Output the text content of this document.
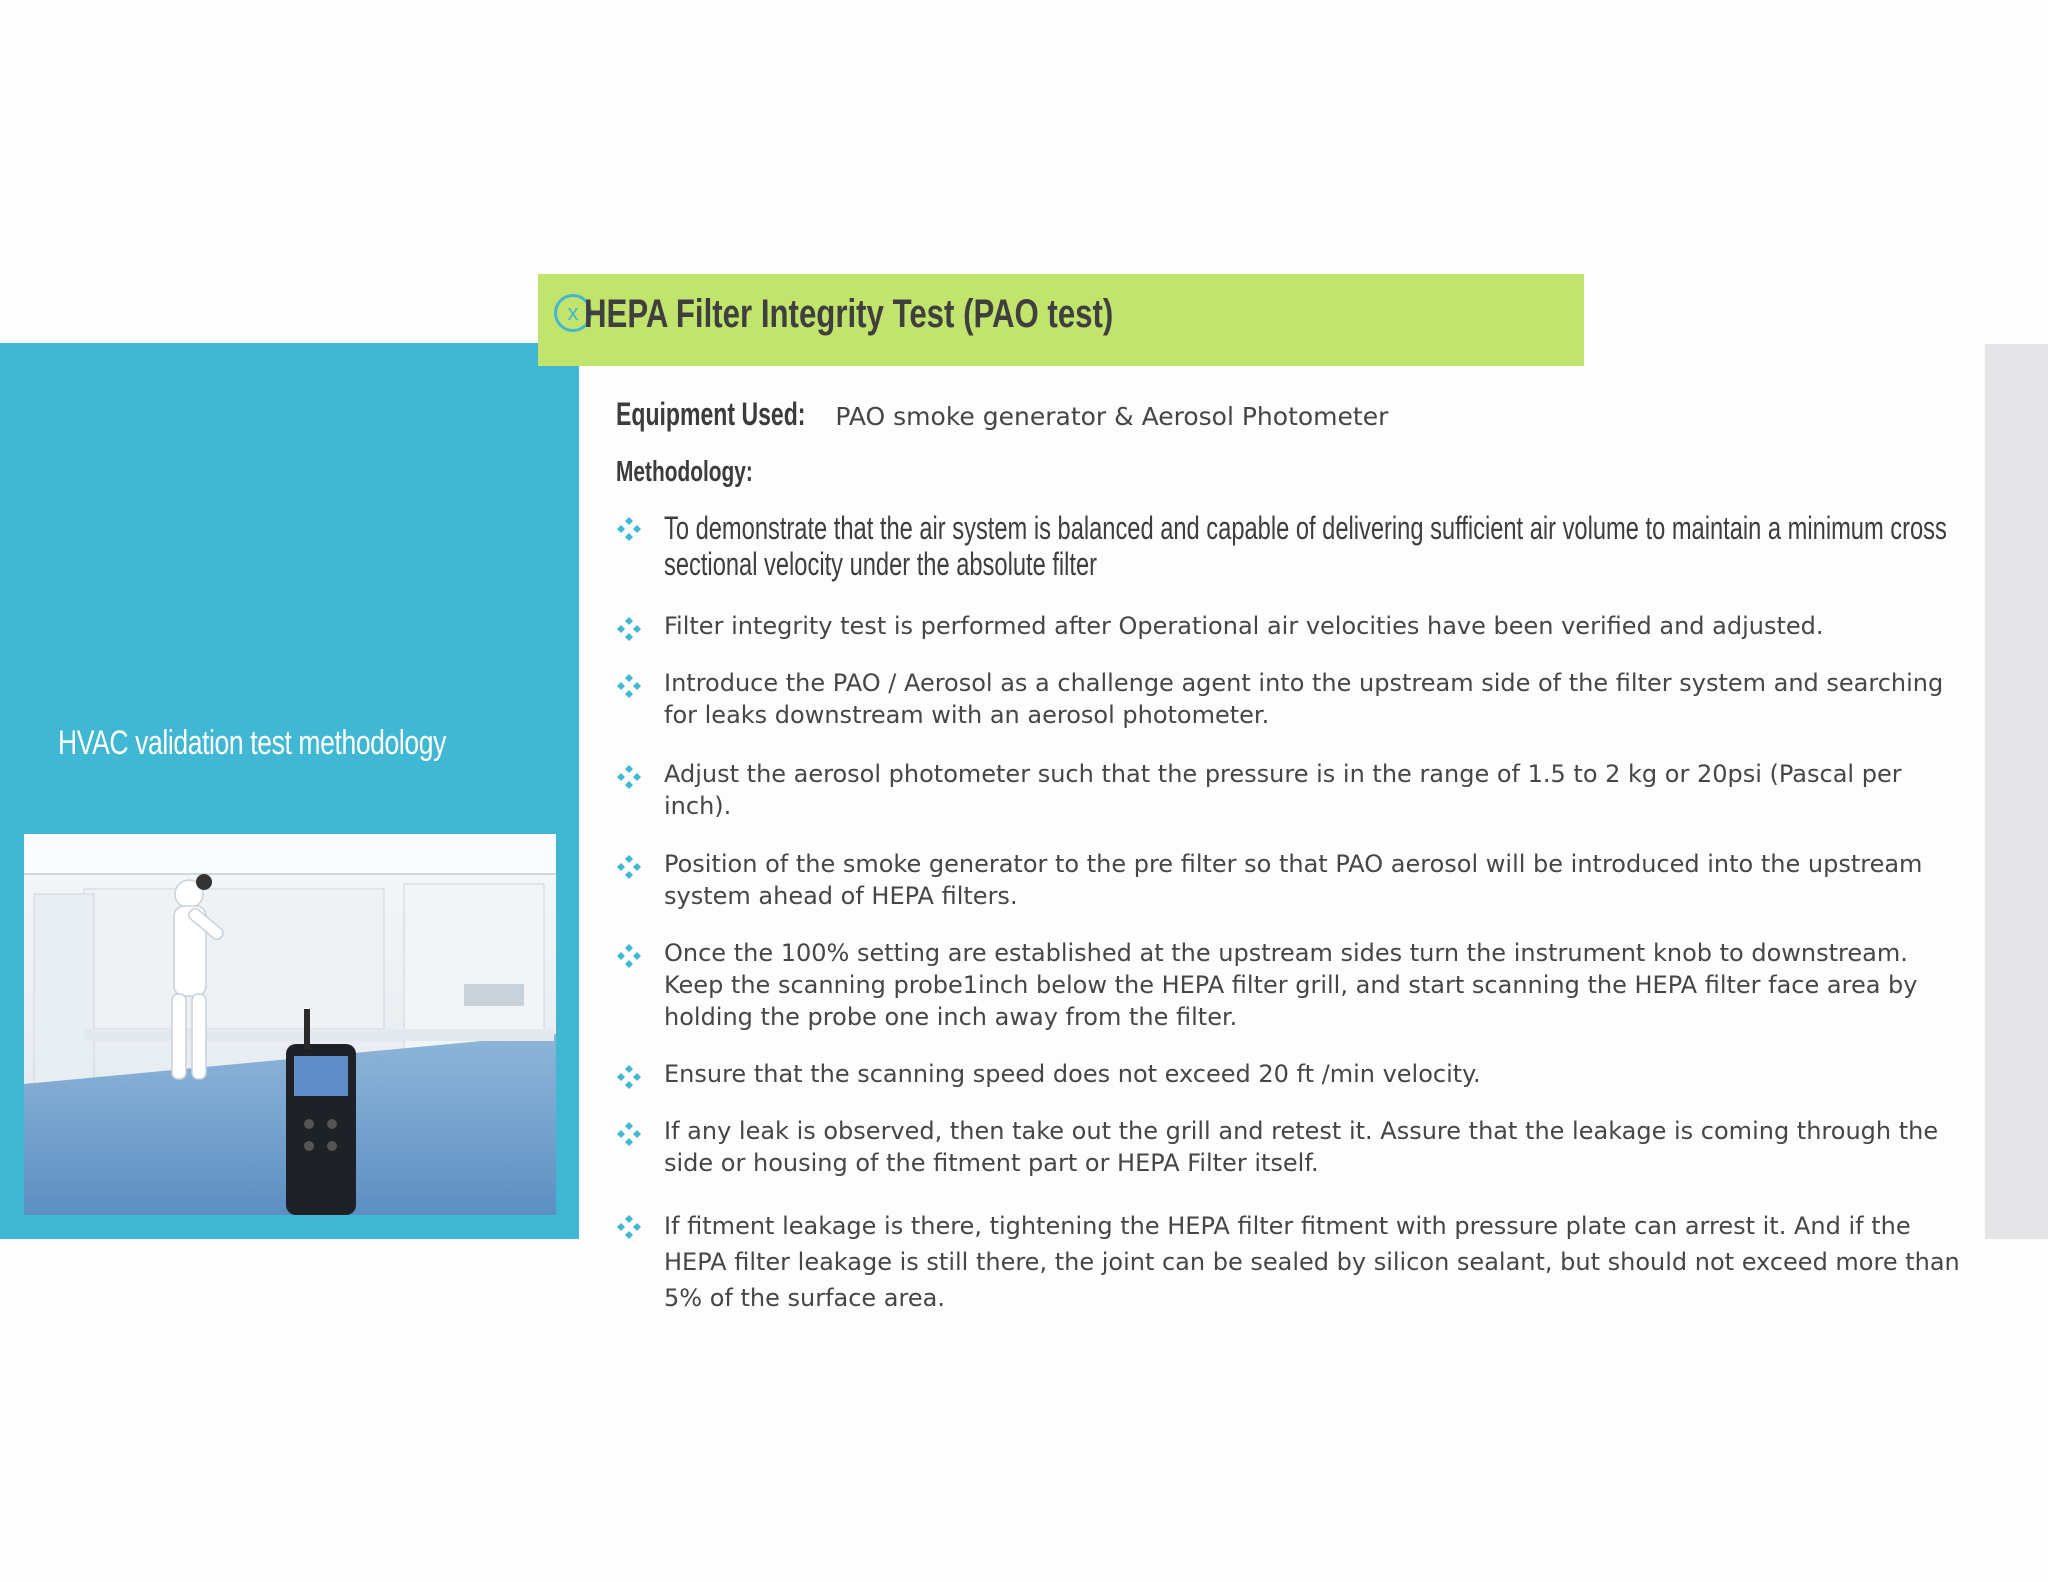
HVAC validation test methodology
x HEPA Filter Integrity Test (PAO test)
Equipment Used: PAO smoke generator & Aerosol Photometer
Methodology:
To demonstrate that the air system is balanced and capable of delivering sufficient air volume to maintain a minimum cross sectional velocity under the absolute filter
Filter integrity test is performed after Operational air velocities have been verified and adjusted.
Introduce the PAO / Aerosol as a challenge agent into the upstream side of the filter system and searching for leaks downstream with an aerosol photometer.
Adjust the aerosol photometer such that the pressure is in the range of 1.5 to 2 kg or 20psi (Pascal per inch).
Position of the smoke generator to the pre filter so that PAO aerosol will be introduced into the upstream system ahead of HEPA filters.
Once the 100% setting are established at the upstream sides turn the instrument knob to downstream. Keep the scanning probe1inch below the HEPA filter grill, and start scanning the HEPA filter face area by holding the probe one inch away from the filter.
Ensure that the scanning speed does not exceed 20 ft /min velocity.
If any leak is observed, then take out the grill and retest it. Assure that the leakage is coming through the side or housing of the fitment part or HEPA Filter itself.
If fitment leakage is there, tightening the HEPA filter fitment with pressure plate can arrest it. And if the HEPA filter leakage is still there, the joint can be sealed by silicon sealant, but should not exceed more than 5% of the surface area.
